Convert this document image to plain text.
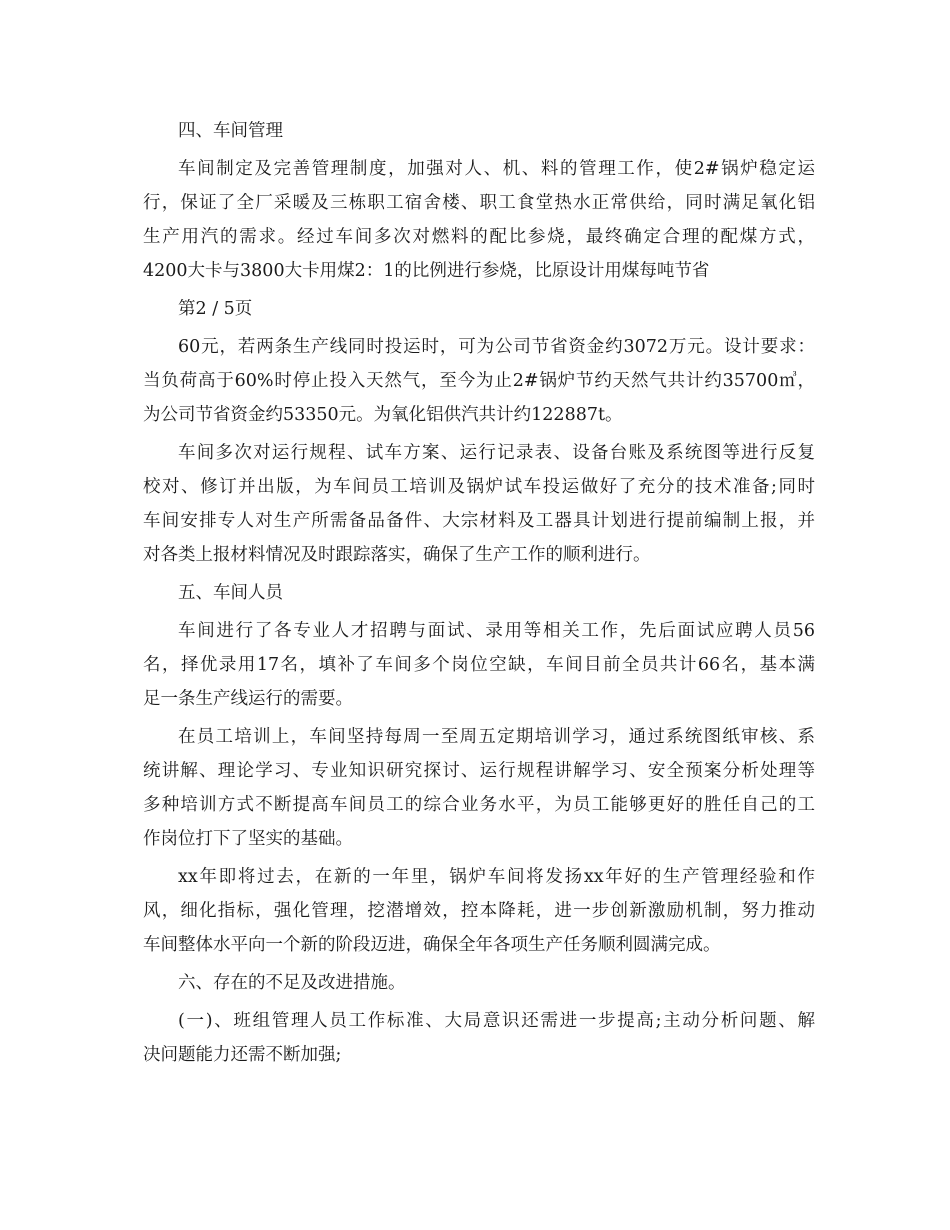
四、车间管理
车间制定及完善管理制度，加强对人、机、料的管理工作，使2#锅炉稳定运
行，保证了全厂采暖及三栋职工宿舍楼、职工食堂热水正常供给，同时满足氧化铝
生产用汽的需求。经过车间多次对燃料的配比参烧，最终确定合理的配煤方式，
4200大卡与3800大卡用煤2：1的比例进行参烧，比原设计用煤每吨节省
第2 / 5页
60元，若两条生产线同时投运时，可为公司节省资金约3072万元。设计要求：
当负荷高于60%时停止投入天然气，至今为止2#锅炉节约天然气共计约35700㎥，
为公司节省资金约53350元。为氧化铝供汽共计约122887t。
车间多次对运行规程、试车方案、运行记录表、设备台账及系统图等进行反复
校对、修订并出版，为车间员工培训及锅炉试车投运做好了充分的技术准备;同时
车间安排专人对生产所需备品备件、大宗材料及工器具计划进行提前编制上报，并
对各类上报材料情况及时跟踪落实，确保了生产工作的顺利进行。
五、车间人员
车间进行了各专业人才招聘与面试、录用等相关工作，先后面试应聘人员56
名，择优录用17名，填补了车间多个岗位空缺，车间目前全员共计66名，基本满
足一条生产线运行的需要。
在员工培训上，车间坚持每周一至周五定期培训学习，通过系统图纸审核、系
统讲解、理论学习、专业知识研究探讨、运行规程讲解学习、安全预案分析处理等
多种培训方式不断提高车间员工的综合业务水平，为员工能够更好的胜任自己的工
作岗位打下了坚实的基础。
xx年即将过去，在新的一年里，锅炉车间将发扬xx年好的生产管理经验和作
风，细化指标，强化管理，挖潜增效，控本降耗，进一步创新激励机制，努力推动
车间整体水平向一个新的阶段迈进，确保全年各项生产任务顺利圆满完成。
六、存在的不足及改进措施。
(一)、班组管理人员工作标准、大局意识还需进一步提高;主动分析问题、解
决问题能力还需不断加强;
